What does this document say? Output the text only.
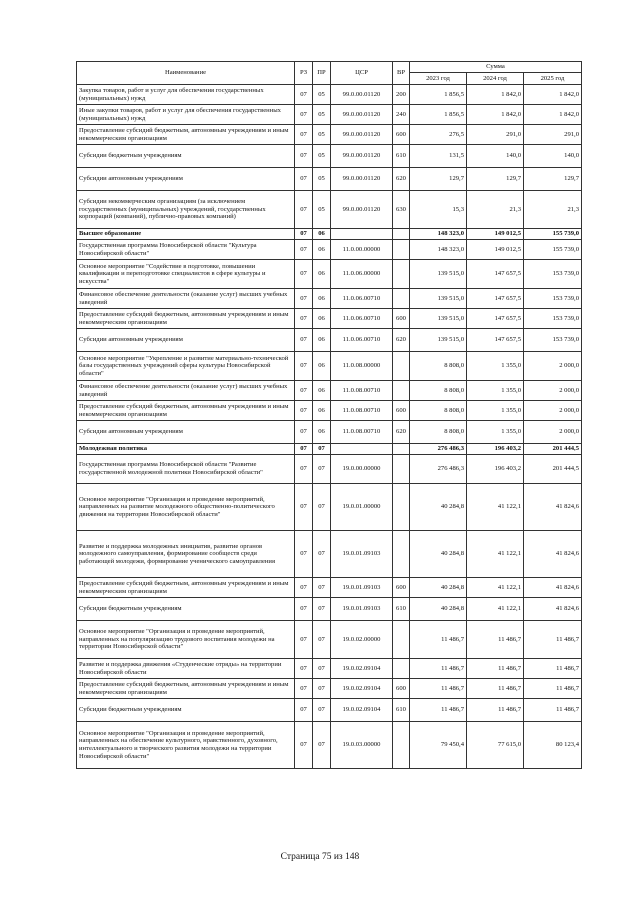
Наименование	РЗ	ПР	ЦСР	ВР	Сумма		
					2023 год	2024 год	2025 год
Закупка товаров, работ и услуг для обеспечения государственных (муниципальных) нужд	07	05	99.0.00.01120	200	1 856,5	1 842,0	1 842,0
Иные закупки товаров, работ и услуг для обеспечения государственных (муниципальных) нужд	07	05	99.0.00.01120	240	1 856,5	1 842,0	1 842,0
Предоставление субсидий бюджетным, автономным учреждениям и иным некоммерческим организациям	07	05	99.0.00.01120	600	276,5	291,0	291,0
Субсидии бюджетным учреждениям	07	05	99.0.00.01120	610	131,5	140,0	140,0
Субсидии автономным учреждениям	07	05	99.0.00.01120	620	129,7	129,7	129,7
Субсидии некоммерческим организациям (за исключением государственных (муниципальных) учреждений, государственных корпораций (компаний), публично-правовых компаний)	07	05	99.0.00.01120	630	15,3	21,3	21,3
Высшее образование	07	06			148 323,0	149 012,5	155 739,0
Государственная программа Новосибирской области "Культура Новосибирской области"	07	06	11.0.00.00000		148 323,0	149 012,5	155 739,0
Основное мероприятие "Содействие в подготовке, повышении квалификации и переподготовке специалистов в сфере культуры и искусства"	07	06	11.0.06.00000		139 515,0	147 657,5	153 739,0
Финансовое обеспечение деятельности (оказание услуг) высших учебных заведений	07	06	11.0.06.00710		139 515,0	147 657,5	153 739,0
Предоставление субсидий бюджетным, автономным учреждениям и иным некоммерческим организациям	07	06	11.0.06.00710	600	139 515,0	147 657,5	153 739,0
Субсидии автономным учреждениям	07	06	11.0.06.00710	620	139 515,0	147 657,5	153 739,0
Основное мероприятие "Укрепление и развитие материально-технической базы государственных учреждений сферы культуры Новосибирской области"	07	06	11.0.08.00000		8 808,0	1 355,0	2 000,0
Финансовое обеспечение деятельности (оказание услуг) высших учебных заведений	07	06	11.0.08.00710		8 808,0	1 355,0	2 000,0
Предоставление субсидий бюджетным, автономным учреждениям и иным некоммерческим организациям	07	06	11.0.08.00710	600	8 808,0	1 355,0	2 000,0
Субсидии автономным учреждениям	07	06	11.0.08.00710	620	8 808,0	1 355,0	2 000,0
Молодежная политика	07	07			276 486,3	196 403,2	201 444,5
Государственная программа Новосибирской области "Развитие государственной молодежной политики Новосибирской области"	07	07	19.0.00.00000		276 486,3	196 403,2	201 444,5
Основное мероприятие "Организация и проведение мероприятий, направленных на развитие молодежного общественно-политического движения на территории Новосибирской области"	07	07	19.0.01.00000		40 284,8	41 122,1	41 824,6
Развитие и поддержка молодежных инициатив, развитие органов молодежного самоуправления, формирование сообществ среди работающей молодежи, формирование ученического самоуправления	07	07	19.0.01.09103		40 284,8	41 122,1	41 824,6
Предоставление субсидий бюджетным, автономным учреждениям и иным некоммерческим организациям	07	07	19.0.01.09103	600	40 284,8	41 122,1	41 824,6
Субсидии бюджетным учреждениям	07	07	19.0.01.09103	610	40 284,8	41 122,1	41 824,6
Основное мероприятие "Организация и проведение мероприятий, направленных на популяризацию трудового воспитания молодежи на территории Новосибирской области"	07	07	19.0.02.00000		11 486,7	11 486,7	11 486,7
Развитие и поддержка движения «Студенческие отряды» на территории Новосибирской области	07	07	19.0.02.09104		11 486,7	11 486,7	11 486,7
Предоставление субсидий бюджетным, автономным учреждениям и иным некоммерческим организациям	07	07	19.0.02.09104	600	11 486,7	11 486,7	11 486,7
Субсидии бюджетным учреждениям	07	07	19.0.02.09104	610	11 486,7	11 486,7	11 486,7
Основное мероприятие "Организация и проведение мероприятий, направленных на обеспечение культурного, нравственного, духовного, интеллектуального и творческого развития молодежи на территории Новосибирской области"	07	07	19.0.03.00000		79 450,4	77 615,0	80 123,4
Страница 75 из 148
